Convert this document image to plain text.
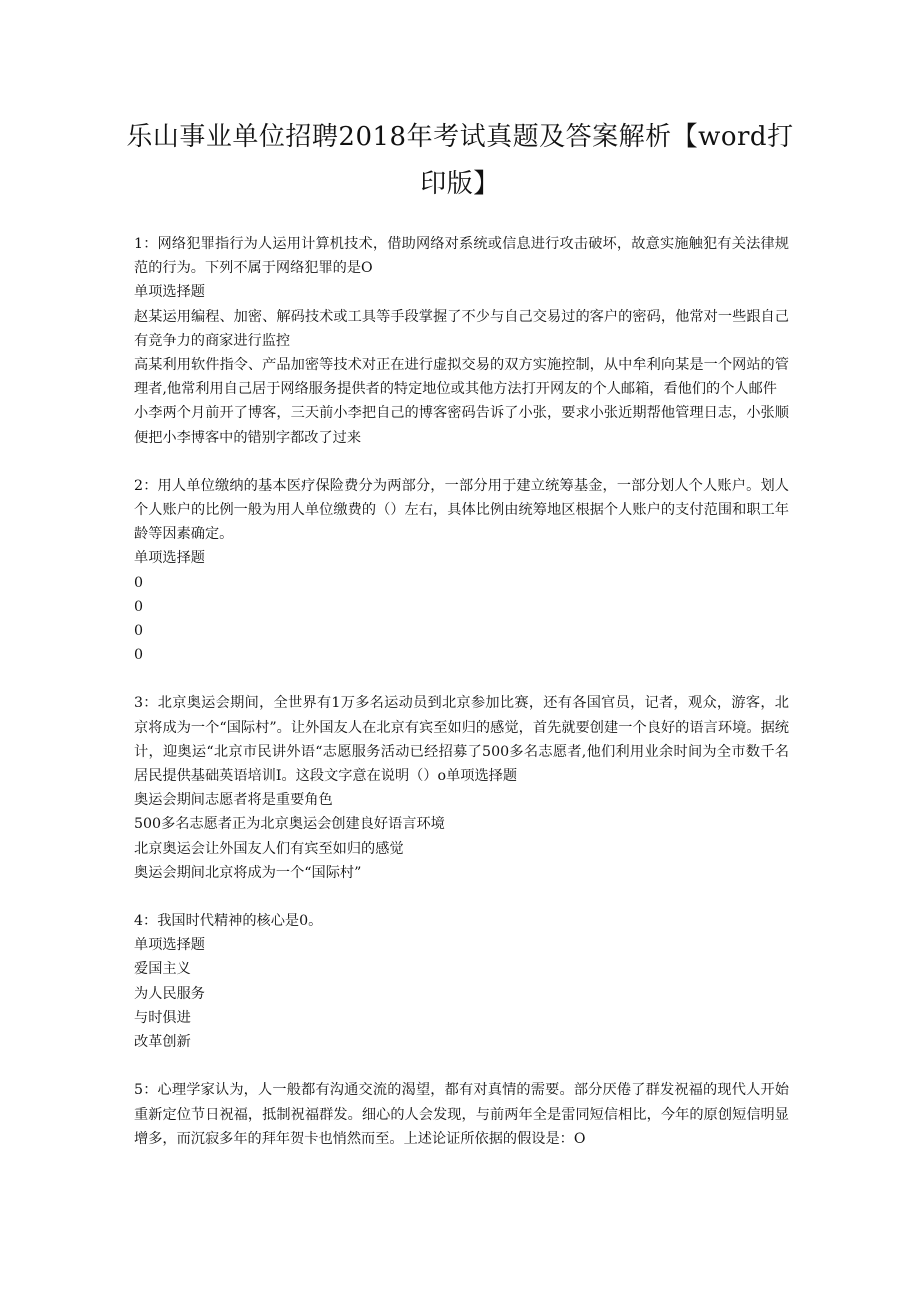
乐山事业单位招聘2018年考试真题及答案解析【word打印版】
1：网络犯罪指行为人运用计算机技术，借助网络对系统或信息进行攻击破坏，故意实施触犯有关法律规范的行为。下列不属于网络犯罪的是O
单项选择题
赵某运用编程、加密、解码技术或工具等手段掌握了不少与自己交易过的客户的密码，他常对一些跟自己有竞争力的商家进行监控
高某利用软件指令、产品加密等技术对正在进行虚拟交易的双方实施控制，从中牟利向某是一个网站的管理者,他常利用自己居于网络服务提供者的特定地位或其他方法打开网友的个人邮箱，看他们的个人邮件
小李两个月前开了博客，三天前小李把自己的博客密码告诉了小张，要求小张近期帮他管理日志，小张顺便把小李博客中的错别字都改了过来
2：用人单位缴纳的基本医疗保险费分为两部分，一部分用于建立统筹基金，一部分划人个人账户。划人个人账户的比例一般为用人单位缴费的（）左右，具体比例由统筹地区根据个人账户的支付范围和职工年龄等因素确定。
单项选择题
0
0
0
0
3：北京奥运会期间，全世界有1万多名运动员到北京参加比赛，还有各国官员，记者，观众，游客，北京将成为一个“国际村”。让外国友人在北京有宾至如归的感觉，首先就要创建一个良好的语言环境。据统计，迎奥运“北京市民讲外语“志愿服务活动已经招募了500多名志愿者,他们利用业余时间为全市数千名居民提供基础英语培训I。这段文字意在说明（）o单项选择题
奥运会期间志愿者将是重要角色
500多名志愿者正为北京奥运会创建良好语言环境
北京奥运会让外国友人们有宾至如归的感觉
奥运会期间北京将成为一个“国际村”
4：我国时代精神的核心是0。
单项选择题
爱国主义
为人民服务
与时俱进
改革创新
5：心理学家认为，人一般都有沟通交流的渴望，都有对真情的需要。部分厌倦了群发祝福的现代人开始重新定位节日祝福，抵制祝福群发。细心的人会发现，与前两年全是雷同短信相比，今年的原创短信明显增多，而沉寂多年的拜年贺卡也悄然而至。上述论证所依据的假设是：O
